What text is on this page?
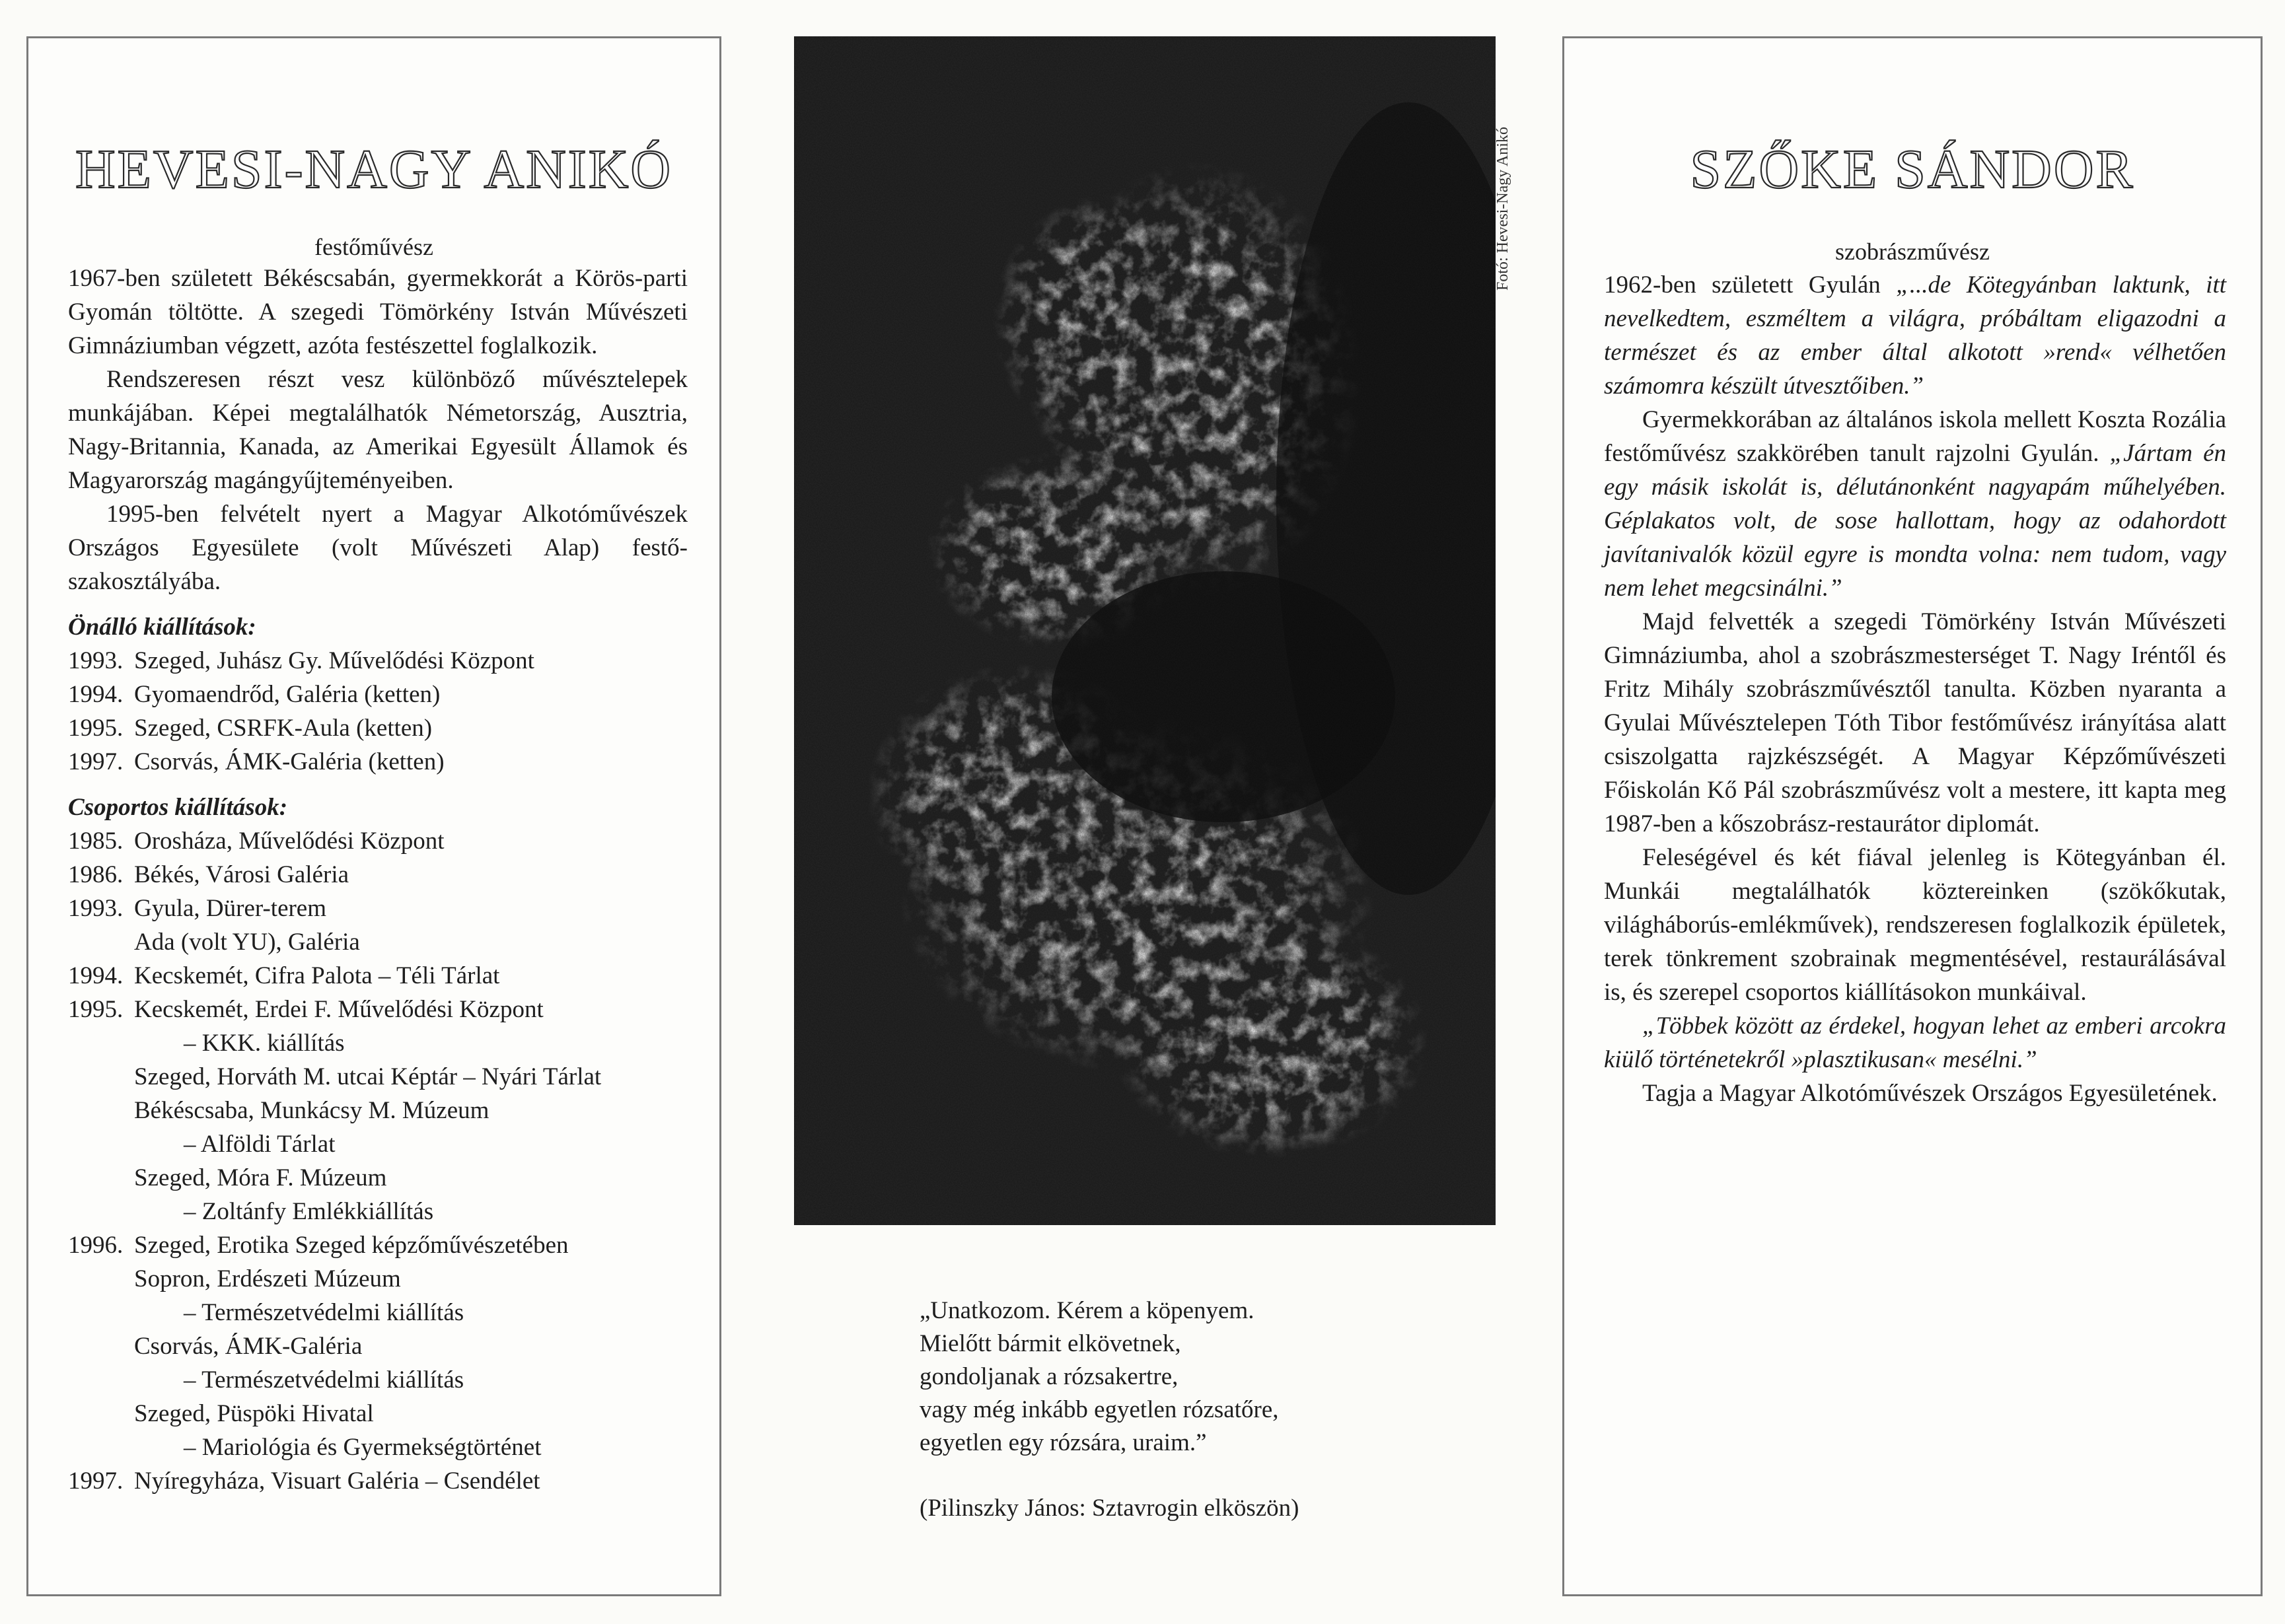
HEVESI-NAGY ANIKÓ

festőművész

1967-ben született Békéscsabán, gyermekkorát a Körös-parti Gyomán töltötte. A szegedi Tömörkény István Művészeti Gimnáziumban végzett, azóta festészettel foglalkozik.

Rendszeresen részt vesz különböző művésztelepek munkájában. Képei megtalálhatók Németország, Ausztria, Nagy-Britannia, Kanada, az Amerikai Egyesült Államok és Magyarország magángyűjteményeiben.

1995-ben felvételt nyert a Magyar Alkotóművészek Országos Egyesülete (volt Művészeti Alap) festő-szakosztályába.

Önálló kiállítások:
1993. Szeged, Juhász Gy. Művelődési Központ
1994. Gyomaendrőd, Galéria (ketten)
1995. Szeged, CSRFK-Aula (ketten)
1997. Csorvás, ÁMK-Galéria (ketten)
Csoportos kiállítások:
1985. Orosháza, Művelődési Központ
1986. Békés, Városi Galéria
1993. Gyula, Dürer-terem
Ada (volt YU), Galéria
1994. Kecskemét, Cifra Palota – Téli Tárlat
1995. Kecskemét, Erdei F. Művelődési Központ
– KKK. kiállítás
Szeged, Horváth M. utcai Képtár – Nyári Tárlat
Békéscsaba, Munkácsy M. Múzeum
– Alföldi Tárlat
Szeged, Móra F. Múzeum
– Zoltánfy Emlékkiállítás
1996. Szeged, Erotika Szeged képzőművészetében
Sopron, Erdészeti Múzeum
– Természetvédelmi kiállítás
Csorvás, ÁMK-Galéria
– Természetvédelmi kiállítás
Szeged, Püspöki Hivatal
– Mariológia és Gyermekségtörténet
1997. Nyíregyháza, Visuart Galéria – Csendélet
Fotó: Hevesi-Nagy Anikó
„Unatkozom. Kérem a köpenyem.
Mielőtt bármit elkövetnek,
gondoljanak a rózsakertre,
vagy még inkább egyetlen rózsatőre,
egyetlen egy rózsára, uraim.”
(Pilinszky János: Sztavrogin elköszön)
SZŐKE SÁNDOR

szobrászművész

1962-ben született Gyulán „...de Kötegyánban laktunk, itt nevelkedtem, eszméltem a világra, próbáltam eligazodni a természet és az ember által alkotott »rend« vélhetően számomra készült útvesztőiben.”

Gyermekkorában az általános iskola mellett Koszta Rozália festőművész szakkörében tanult rajzolni Gyulán. „Jártam én egy másik iskolát is, délutánonként nagyapám műhelyében. Géplakatos volt, de sose hallottam, hogy az odahordott javítanivalók közül egyre is mondta volna: nem tudom, vagy nem lehet megcsinálni.”

Majd felvették a szegedi Tömörkény István Művészeti Gimnáziumba, ahol a szobrászmesterséget T. Nagy Iréntől és Fritz Mihály szobrászművésztől tanulta. Közben nyaranta a Gyulai Művésztelepen Tóth Tibor festőművész irányítása alatt csiszolgatta rajzkészségét. A Magyar Képzőművészeti Főiskolán Kő Pál szobrászművész volt a mestere, itt kapta meg 1987-ben a kőszobrász-restaurátor diplomát.

Feleségével és két fiával jelenleg is Kötegyánban él. Munkái megtalálhatók köztereinken (szökőkutak, világháborús-emlékművek), rendszeresen foglalkozik épületek, terek tönkrement szobrainak megmentésével, restaurálásával is, és szerepel csoportos kiállításokon munkáival.

„Többek között az érdekel, hogyan lehet az emberi arcokra kiülő történetekről »plasztikusan« mesélni.”

Tagja a Magyar Alkotóművészek Országos Egyesületének.
